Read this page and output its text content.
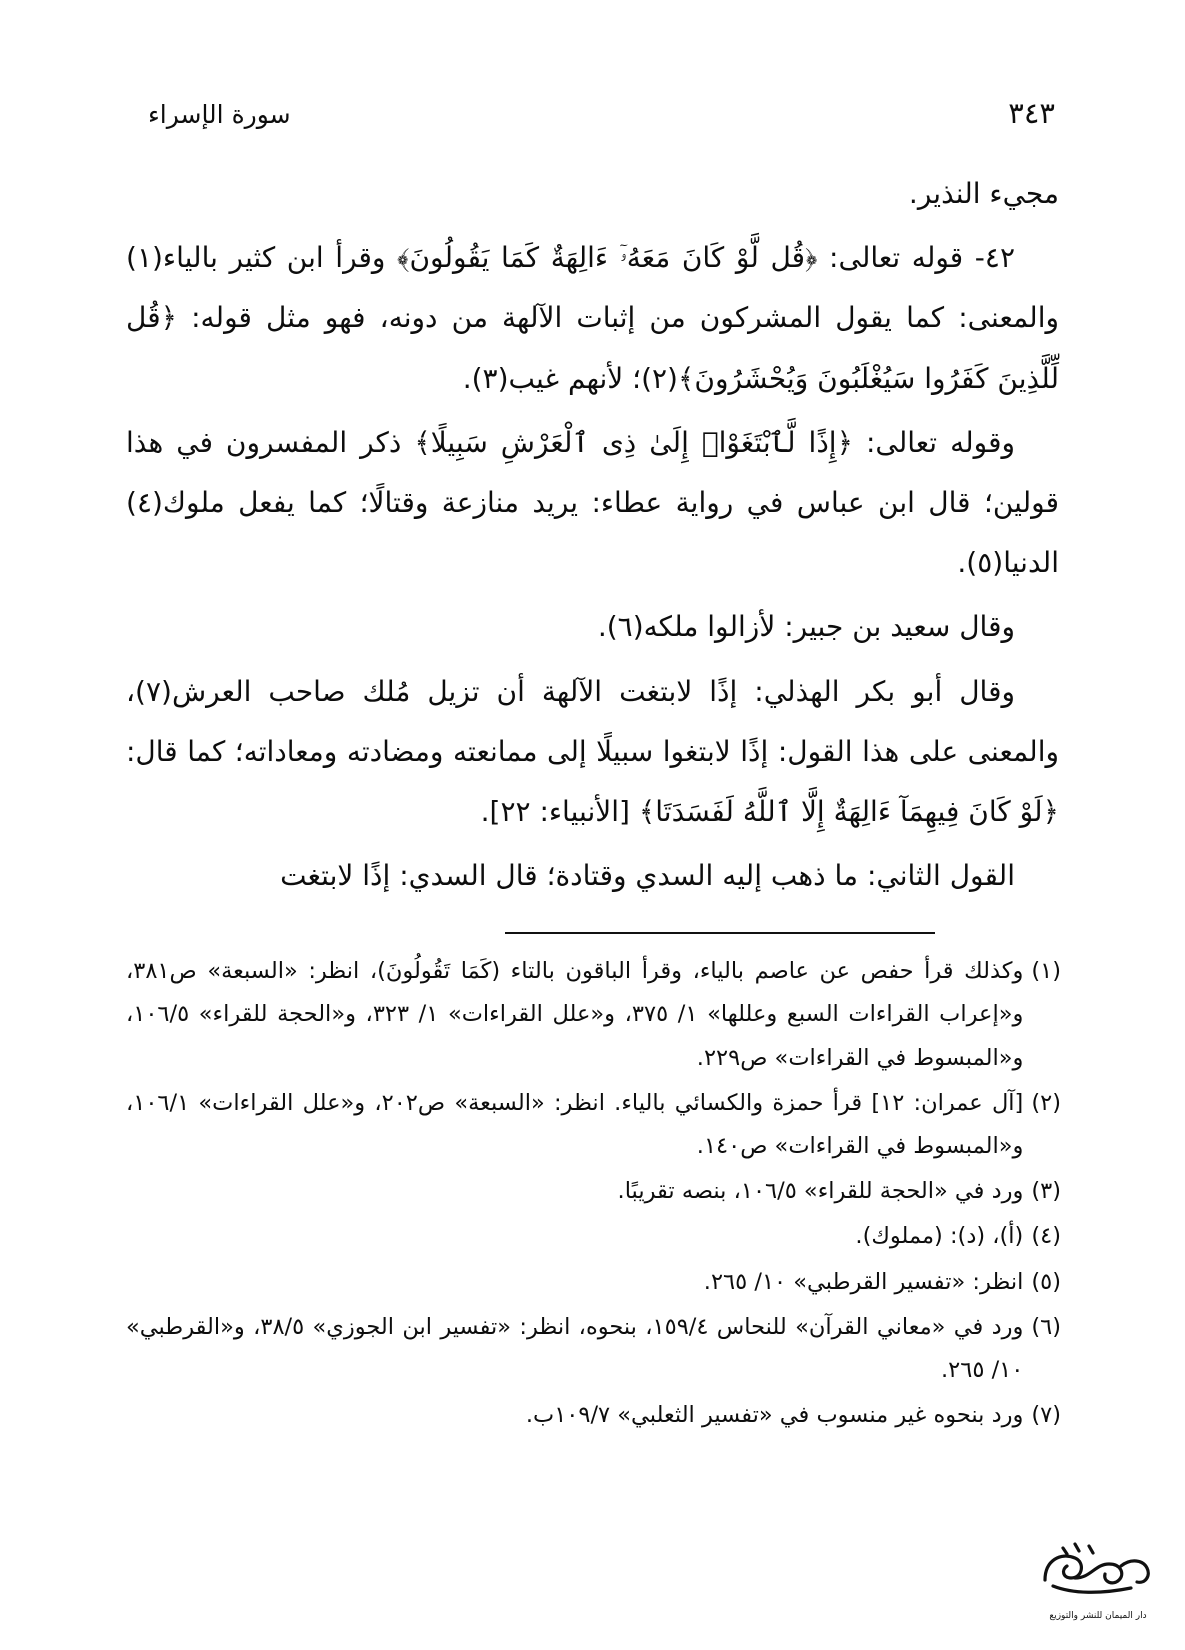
سورة الإسراء	٣٤٣

مجيء النذير.

٤٢- قوله تعالى: ﴿قُل لَّوْ كَانَ مَعَهُۥٓ ءَالِهَةٌ كَمَا يَقُولُونَ﴾ وقرأ ابن كثير بالياء(١) والمعنى: كما يقول المشركون من إثبات الآلهة من دونه، فهو مثل قوله: ﴿قُل لِّلَّذِينَ كَفَرُوا سَيُغْلَبُونَ وَيُحْشَرُونَ﴾(٢)؛ لأنهم غيب(٣).

وقوله تعالى: ﴿إِذًا لَّٱبْتَغَوْا۟ إِلَىٰ ذِى ٱلْعَرْشِ سَبِيلًا﴾ ذكر المفسرون في هذا قولين؛ قال ابن عباس في رواية عطاء: يريد منازعة وقتالًا؛ كما يفعل ملوك(٤) الدنيا(٥).

وقال سعيد بن جبير: لأزالوا ملكه(٦).

وقال أبو بكر الهذلي: إذًا لابتغت الآلهة أن تزيل مُلك صاحب العرش(٧)، والمعنى على هذا القول: إذًا لابتغوا سبيلًا إلى ممانعته ومضادته ومعاداته؛ كما قال: ﴿لَوْ كَانَ فِيهِمَآ ءَالِهَةٌ إِلَّا ٱللَّهُ لَفَسَدَتَا﴾ [الأنبياء: ٢٢].

القول الثاني: ما ذهب إليه السدي وقتادة؛ قال السدي: إذًا لابتغت

(١)
وكذلك قرأ حفص عن عاصم بالياء، وقرأ الباقون بالتاء (كَمَا تَقُولُونَ)، انظر: «السبعة» ص٣٨١، و«إعراب القراءات السبع وعللها» ١/ ٣٧٥، و«علل القراءات» ١/ ٣٢٣، و«الحجة للقراء» ١٠٦/٥، و«المبسوط في القراءات» ص٢٢٩.
(٢)
[آل عمران: ١٢] قرأ حمزة والكسائي بالياء. انظر: «السبعة» ص٢٠٢، و«علل القراءات» ١٠٦/١، و«المبسوط في القراءات» ص١٤٠.
(٣)
ورد في «الحجة للقراء» ١٠٦/٥، بنصه تقريبًا.
(٤)
(أ)، (د): (مملوك).
(٥)
انظر: «تفسير القرطبي» ١٠/ ٢٦٥.
(٦)
ورد في «معاني القرآن» للنحاس ١٥٩/٤، بنحوه، انظر: «تفسير ابن الجوزي» ٣٨/٥، و«القرطبي» ١٠/ ٢٦٥.
(٧)
ورد بنحوه غير منسوب في «تفسير الثعلبي» ١٠٩/٧ب.
دار الميمان للنشر والتوزيع
